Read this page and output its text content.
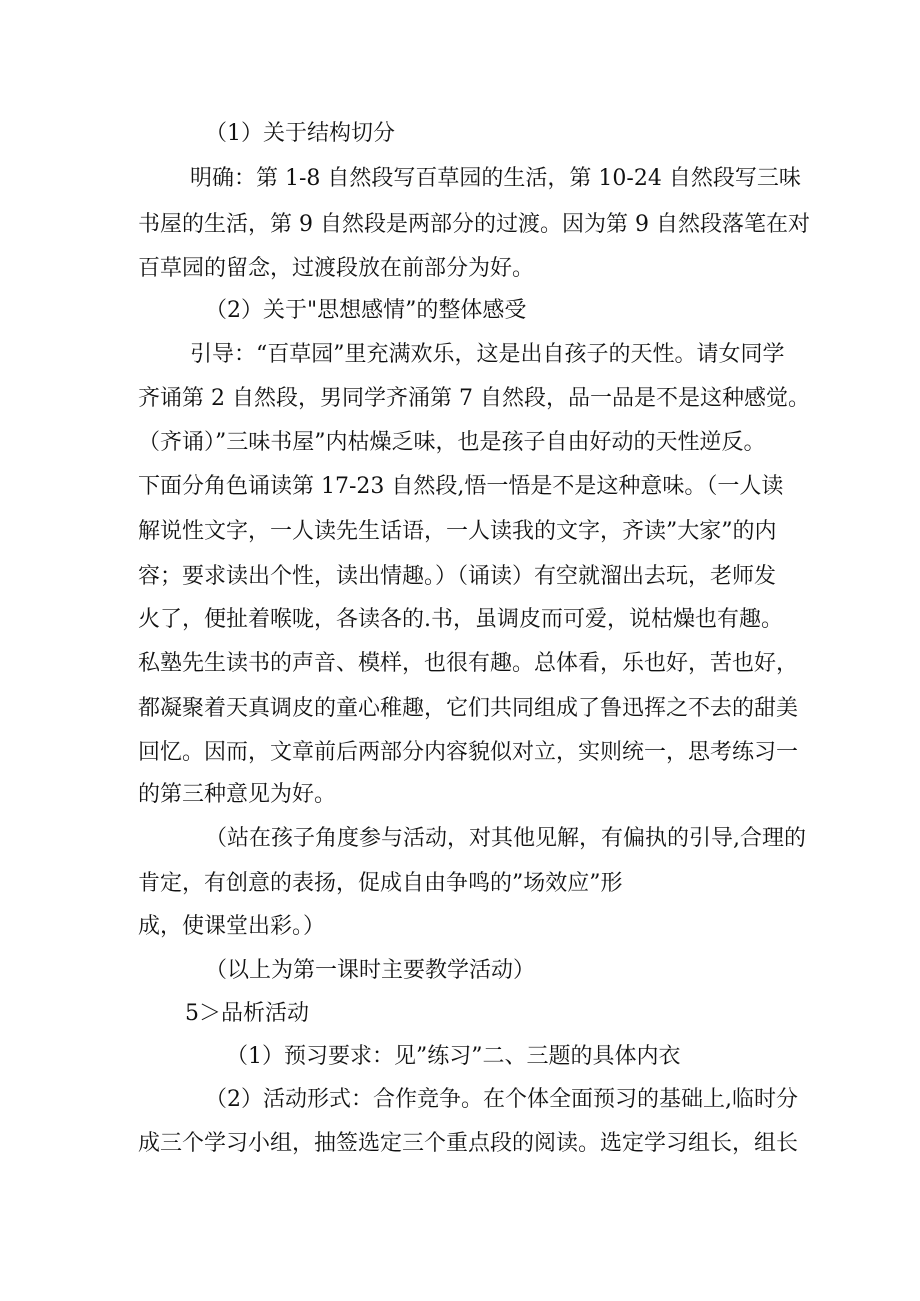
（1）关于结构切分
明确：第 1-8 自然段写百草园的生活，第 10-24 自然段写三味
书屋的生活，第 9 自然段是两部分的过渡。因为第 9 自然段落笔在对
百草园的留念，过渡段放在前部分为好。
（2）关于"思想感情”的整体感受
引导：“百草园”里充满欢乐，这是出自孩子的天性。请女同学
齐诵第 2 自然段，男同学齐涌第 7 自然段，品一品是不是这种感觉。
（齐诵）”三味书屋”内枯燥乏味，也是孩子自由好动的天性逆反。
下面分角色诵读第 17-23 自然段,悟一悟是不是这种意味。（一人读
解说性文字，一人读先生话语，一人读我的文字，齐读”大家”的内
容；要求读出个性，读出情趣。）（诵读）有空就溜出去玩，老师发
火了，便扯着喉咙，各读各的.书，虽调皮而可爱，说枯燥也有趣。
私塾先生读书的声音、模样，也很有趣。总体看，乐也好，苦也好，
都凝聚着天真调皮的童心稚趣，它们共同组成了鲁迅挥之不去的甜美
回忆。因而，文章前后两部分内容貌似对立，实则统一，思考练习一
的第三种意见为好。
（站在孩子角度参与活动，对其他见解，有偏执的引导,合理的
肯定，有创意的表扬，促成自由争鸣的”场效应”形
成，使课堂出彩。）
（以上为第一课时主要教学活动）
5＞品析活动
（1）预习要求：见”练习”二、三题的具体内衣
（2）活动形式：合作竞争。在个体全面预习的基础上,临时分
成三个学习小组，抽签选定三个重点段的阅读。选定学习组长，组长
